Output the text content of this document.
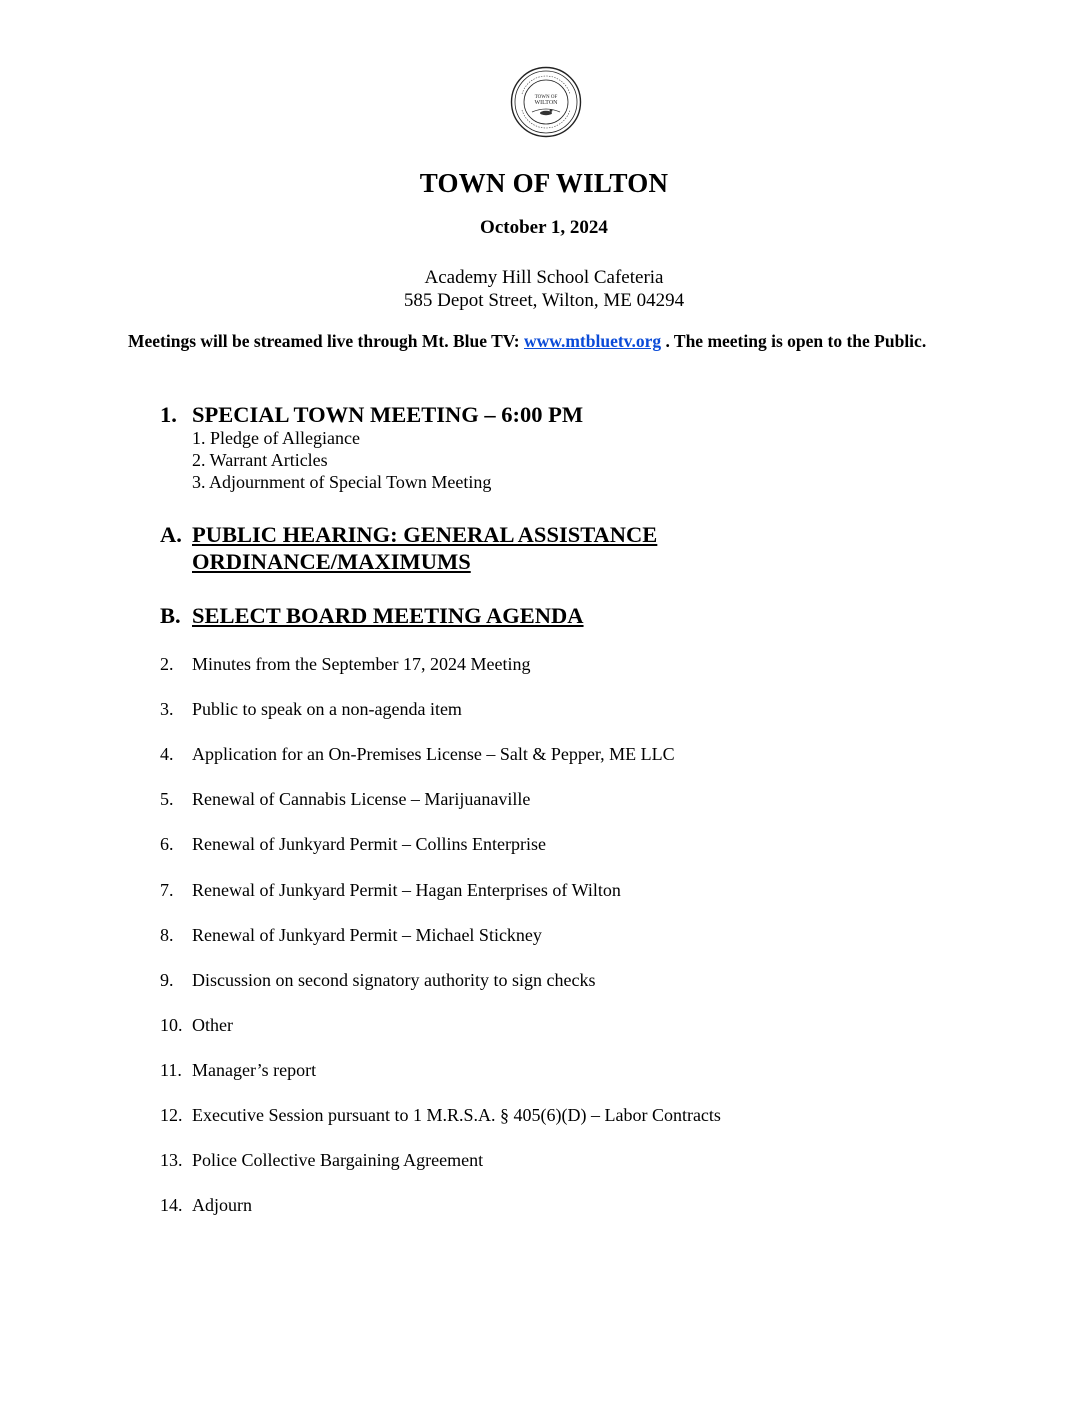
TOWN OF
WILTON
TOWN OF WILTON
October 1, 2024
Academy Hill School Cafeteria
585 Depot Street, Wilton, ME 04294
Meetings will be streamed live through Mt. Blue TV: www.mtbluetv.org . The meeting is open to the Public.
1. SPECIAL TOWN MEETING – 6:00 PM
1. Pledge of Allegiance
2. Warrant Articles
3. Adjournment of Special Town Meeting
A. PUBLIC HEARING: GENERAL ASSISTANCE
ORDINANCE/MAXIMUMS
B. SELECT BOARD MEETING AGENDA
2. Minutes from the September 17, 2024 Meeting
3. Public to speak on a non-agenda item
4. Application for an On-Premises License – Salt & Pepper, ME LLC
5. Renewal of Cannabis License – Marijuanaville
6. Renewal of Junkyard Permit – Collins Enterprise
7. Renewal of Junkyard Permit – Hagan Enterprises of Wilton
8. Renewal of Junkyard Permit – Michael Stickney
9. Discussion on second signatory authority to sign checks
10. Other
11. Manager’s report
12. Executive Session pursuant to 1 M.R.S.A. § 405(6)(D) – Labor Contracts
13. Police Collective Bargaining Agreement
14. Adjourn
